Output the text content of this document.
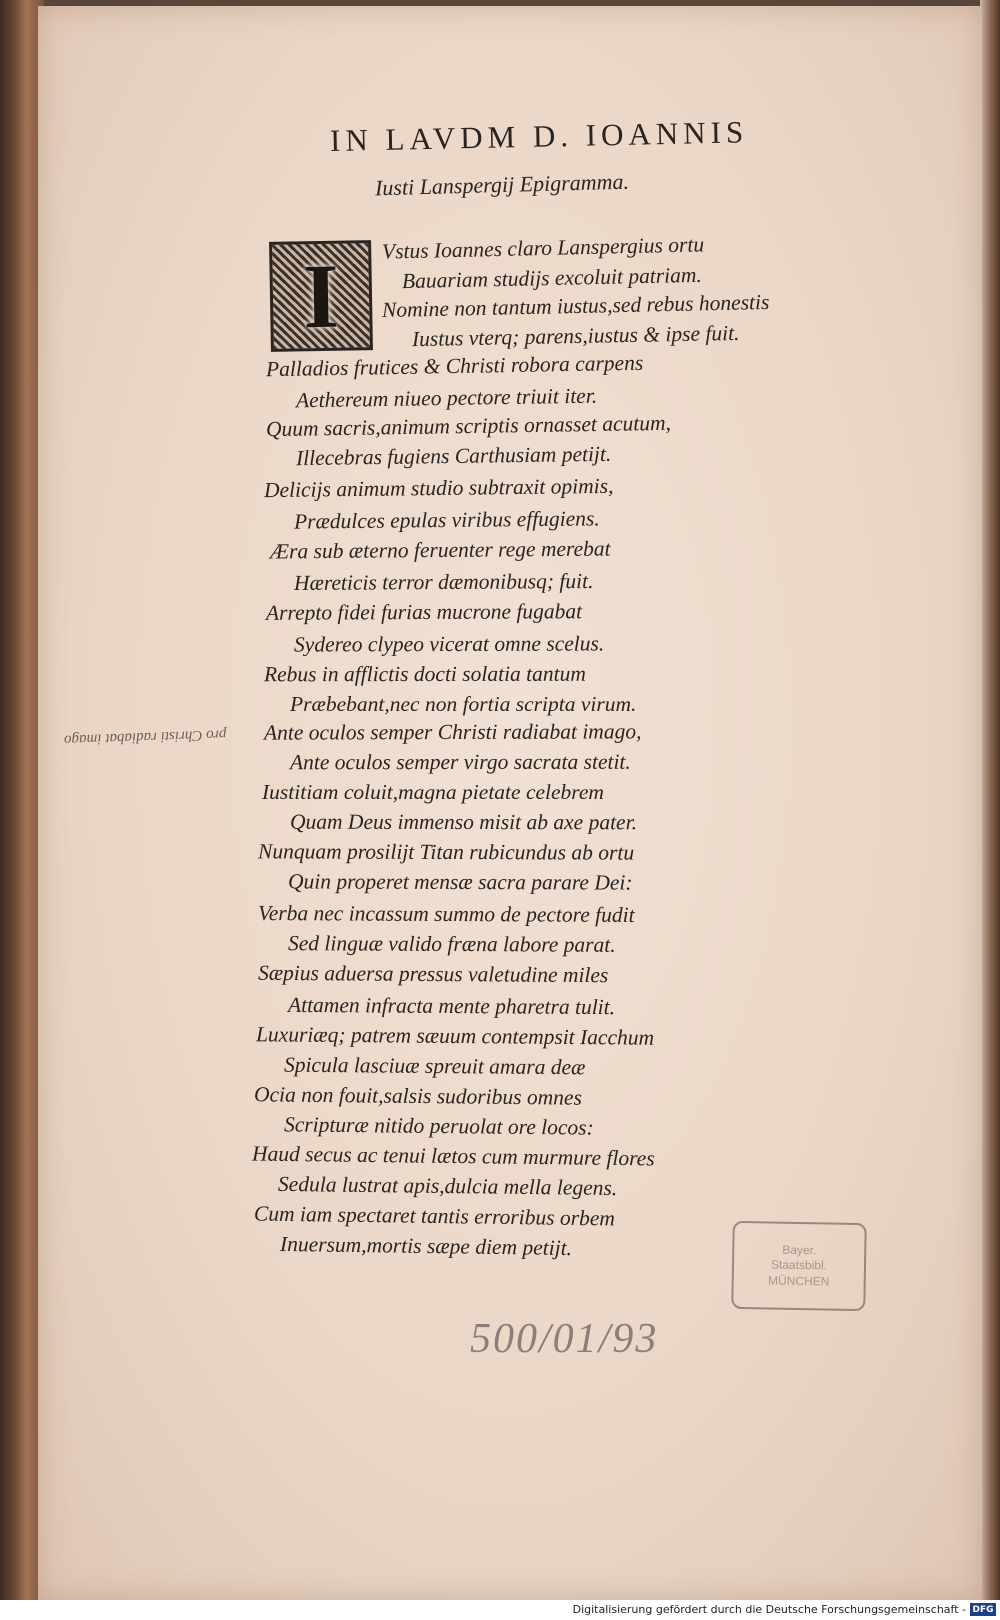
IN LAVDM D. IOANNIS
Iusti Lanspergij Epigramma.
I	Vstus Ioannes claro Lanspergius ortu
Bauariam studijs excoluit patriam.
Nomine non tantum iustus,sed rebus honestis
Iustus vterq; parens,iustus & ipse fuit.
Palladios frutices & Christi robora carpens
Aethereum niueo pectore triuit iter.
Quum sacris,animum scriptis ornasset acutum,
Illecebras fugiens Carthusiam petijt.
Delicijs animum studio subtraxit opimis,
Prædulces epulas viribus effugiens.
Æra sub æterno feruenter rege merebat
Hæreticis terror dæmonibusq; fuit.
Arrepto fidei furias mucrone fugabat
Sydereo clypeo vicerat omne scelus.
Rebus in afflictis docti solatia tantum
Præbebant,nec non fortia scripta virum.
Ante oculos semper Christi radiabat imago,
Ante oculos semper virgo sacrata stetit.
Iustitiam coluit,magna pietate celebrem
Quam Deus immenso misit ab axe pater.
Nunquam prosilijt Titan rubicundus ab ortu
Quin properet mensæ sacra parare Dei:
Verba nec incassum summo de pectore fudit
Sed linguæ valido fræna labore parat.
Sæpius aduersa pressus valetudine miles
Attamen infracta mente pharetra tulit.
Luxuriæq; patrem sæuum contempsit Iacchum
Spicula lasciuæ spreuit amara deæ
Ocia non fouit,salsis sudoribus omnes
Scripturæ nitido peruolat ore locos:
Haud secus ac tenui lætos cum murmure flores
Sedula lustrat apis,dulcia mella legens.
Cum iam spectaret tantis erroribus orbem
Inuersum,mortis sæpe diem petijt.
pro Christi radiabat imago
Bayer.
Staatsbibl.
MÜNCHEN
500/01/93
Digitalisierung gefördert durch die Deutsche Forschungsgemeinschaft - DFG
